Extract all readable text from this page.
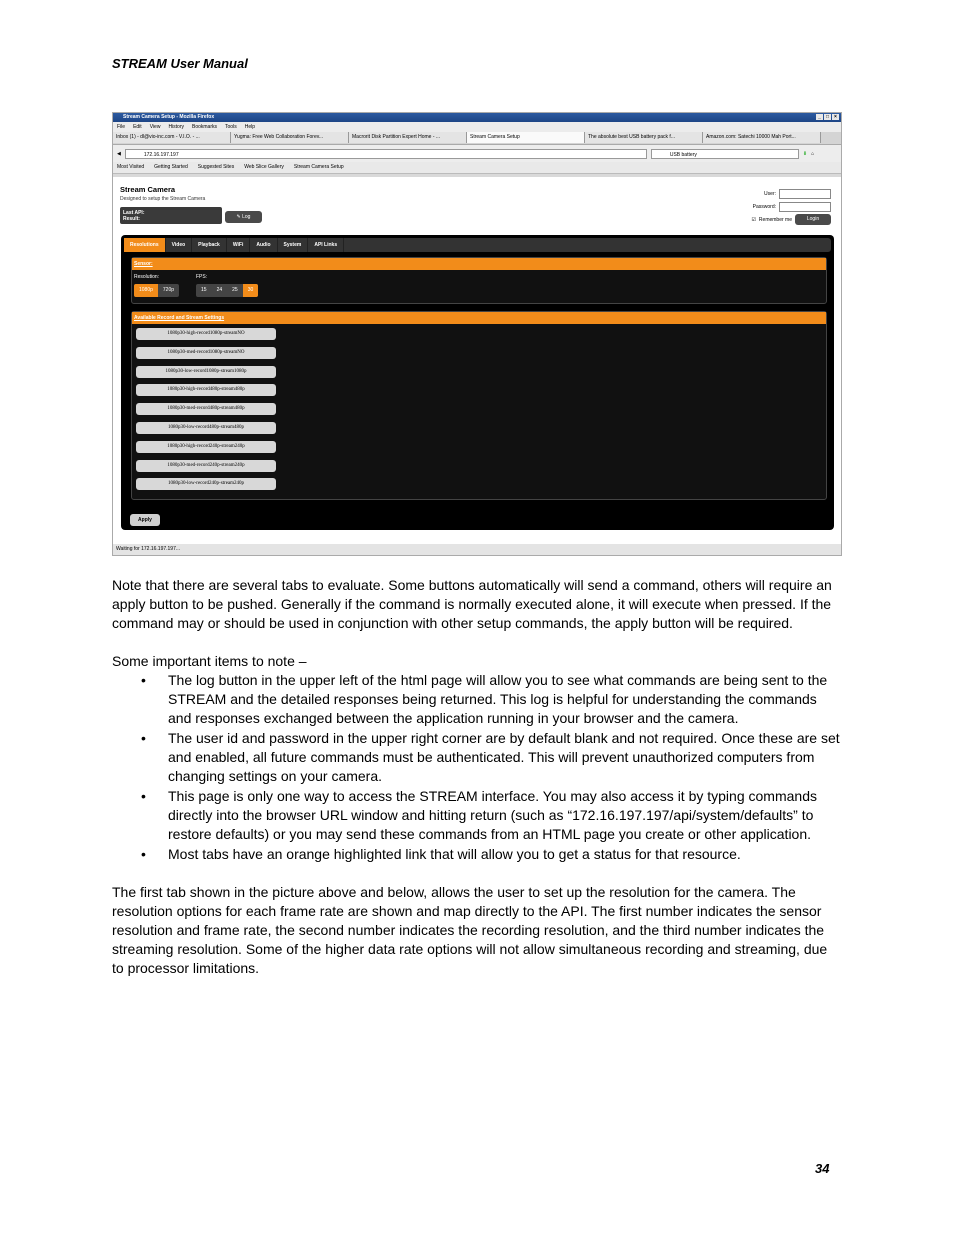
STREAM User Manual
Stream Camera Setup - Mozilla Firefox	_	□	×
File Edit View History Bookmarks Tools Help
Inbox (1) - dl@vio-inc.com - V.I.O. - ...	Yugma: Free Web Collaboration Forev...	Macrorit Disk Partition Expert Home - ...	Stream Camera Setup	The absolute best USB battery pack f...	Amazon.com: Satechi 10000 Mah Port...
◀	172.16.197.197	USB battery	⬇ ⌂
Most Visited Getting Started Suggested Sites Web Slice Gallery Stream Camera Setup
Stream Camera
Designed to setup the Stream Camera
Last API:
Result:	✎ Log
User:
Password:
☑ Remember me	Login
Resolutions	Video	Playback	WiFi	Audio	System	API Links
Sensor:
Resolution:	FPS:
1080p	720p	15	24	25	30
Available Record and Stream Settings
1080p30-high-record1080p-streamNO
1080p30-med-record1080p-streamNO
1080p30-low-record1080p-stream1080p
1080p30-high-record480p-stream480p
1080p30-med-record480p-stream480p
1080p30-low-record480p-stream480p
1080p30-high-record240p-stream240p
1080p30-med-record240p-stream240p
1080p30-low-record240p-stream240p
Apply
Waiting for 172.16.197.197...

Note that there are several tabs to evaluate. Some buttons automatically will send a command, others will require an apply button to be pushed. Generally if the command is normally executed alone, it will execute when pressed. If the command may or should be used in conjunction with other setup commands, the apply button will be required.

Some important items to note –

• The log button in the upper left of the html page will allow you to see what commands are being sent to the STREAM and the detailed responses being returned. This log is helpful for understanding the commands and responses exchanged between the application running in your browser and the camera.
• The user id and password in the upper right corner are by default blank and not required. Once these are set and enabled, all future commands must be authenticated. This will prevent unauthorized computers from changing settings on your camera.
• This page is only one way to access the STREAM interface. You may also access it by typing commands directly into the browser URL window and hitting return (such as “172.16.197.197/api/system/defaults” to restore defaults) or you may send these commands from an HTML page you create or other application.
• Most tabs have an orange highlighted link that will allow you to get a status for that resource.

The first tab shown in the picture above and below, allows the user to set up the resolution for the camera. The resolution options for each frame rate are shown and map directly to the API. The first number indicates the sensor resolution and frame rate, the second number indicates the recording resolution, and the third number indicates the streaming resolution. Some of the higher data rate options will not allow simultaneous recording and streaming, due to processor limitations.

34
